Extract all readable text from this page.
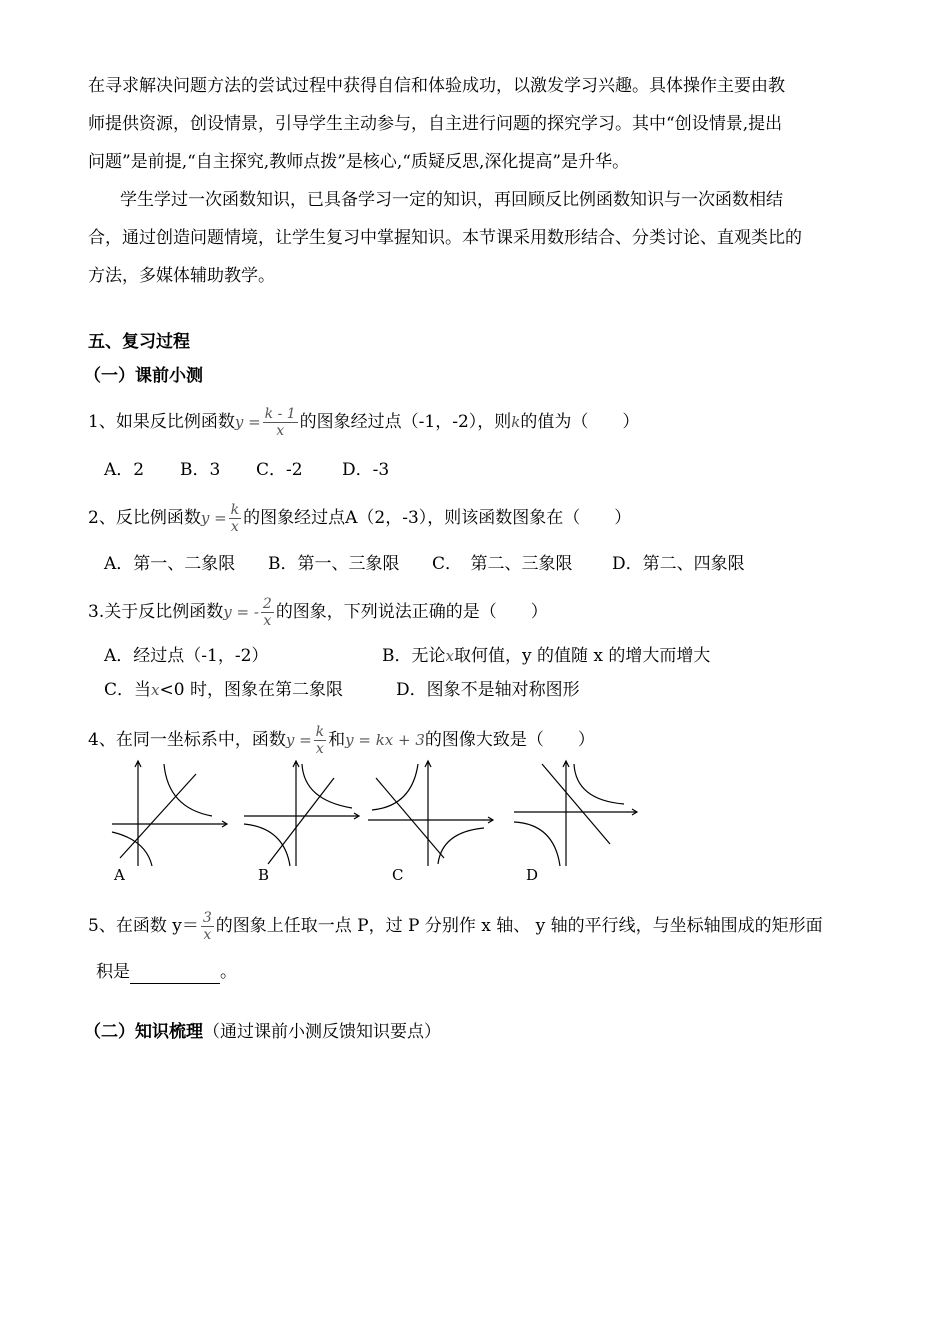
在寻求解决问题方法的尝试过程中获得自信和体验成功，以激发学习兴趣。具体操作主要由教
师提供资源，创设情景，引导学生主动参与，自主进行问题的探究学习。其中“创设情景,提出
问题”是前提,“自主探究,教师点拨”是核心,“质疑反思,深化提高”是升华。
学生学过一次函数知识，已具备学习一定的知识，再回顾反比例函数知识与一次函数相结
合，通过创造问题情境，让学生复习中掌握知识。本节课采用数形结合、分类讨论、直观类比的
方法，多媒体辅助教学。
五、复习过程
（一）课前小测
1、如果反比例函数$y = \frac{k - 1}{x}$ 的图象经过点（-1，-2），则k的值为（　　）
A．2 B．3 C．-2 D．-3
2、反比例函数$y = \frac{k}{x}$ 的图象经过点A（2，-3），则该函数图象在（　　）
A．第一、二象限 B．第一、三象限 C．　第二、三象限 D．第二、四象限
3.关于反比例函数y = - $\frac{2}{x}$ 的图象，下列说法正确的是（　　）
A．经过点（-1，-2）	B．无论x取何值，y 的值随 x 的增大而增大
C．当x<0 时，图象在第二象限	D．图象不是轴对称图形
4、在同一坐标系中，函数$y = \frac{k}{x}$ 和y = kx + 3的图像大致是（　　）
A	B	C	D
5、在函数 $y= \frac{3}{x}$ 的图象上任取一点 P，过 P 分别作 x 轴、 y 轴的平行线，与坐标轴围成的矩形面
积是	。
（二）知识梳理（通过课前小测反馈知识要点）
